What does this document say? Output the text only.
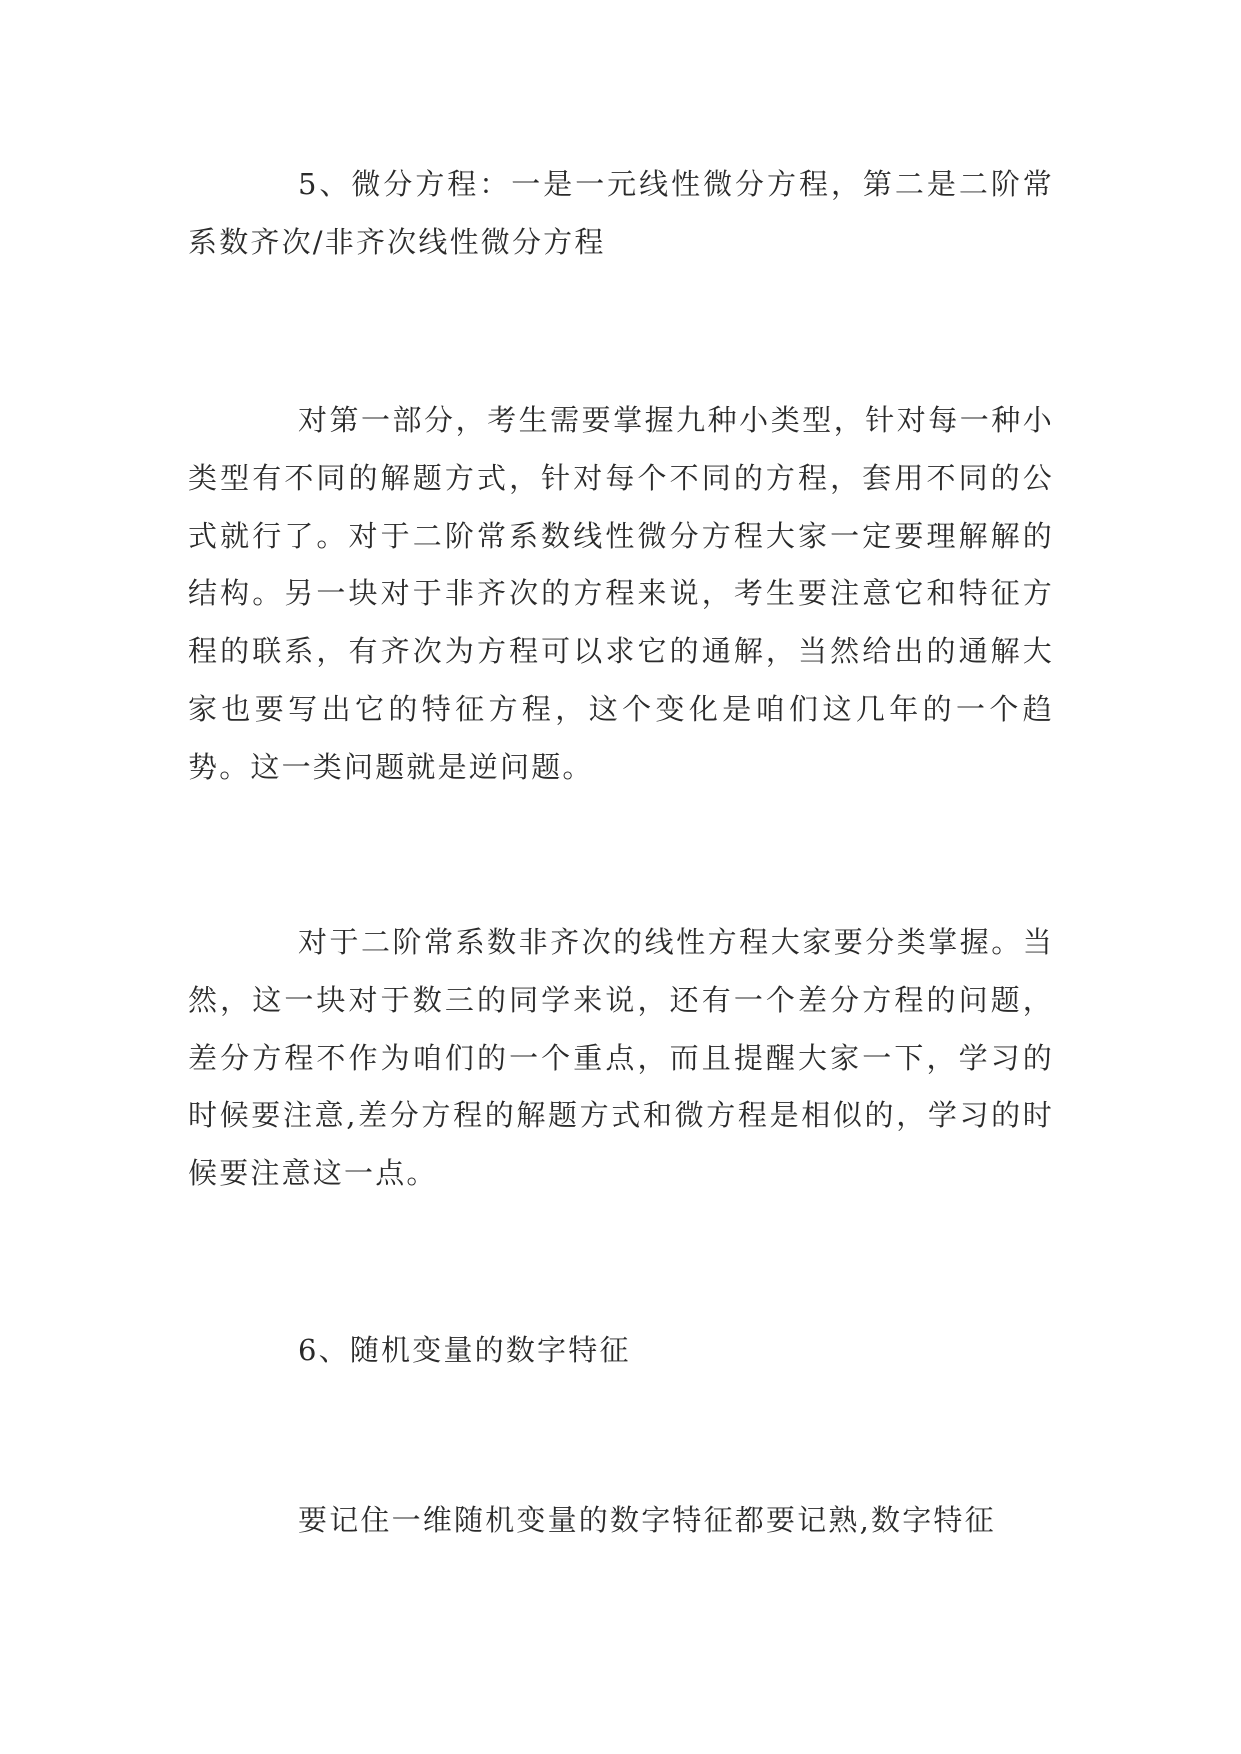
5、微分方程：一是一元线性微分方程，第二是二阶常系数齐次/非齐次线性微分方程

对第一部分，考生需要掌握九种小类型，针对每一种小类型有不同的解题方式，针对每个不同的方程，套用不同的公式就行了。对于二阶常系数线性微分方程大家一定要理解解的结构。另一块对于非齐次的方程来说，考生要注意它和特征方程的联系，有齐次为方程可以求它的通解，当然给出的通解大家也要写出它的特征方程，这个变化是咱们这几年的一个趋势。这一类问题就是逆问题。

对于二阶常系数非齐次的线性方程大家要分类掌握。当然，这一块对于数三的同学来说，还有一个差分方程的问题，差分方程不作为咱们的一个重点，而且提醒大家一下，学习的时候要注意,差分方程的解题方式和微方程是相似的，学习的时候要注意这一点。

6、随机变量的数字特征

要记住一维随机变量的数字特征都要记熟,数字特征
